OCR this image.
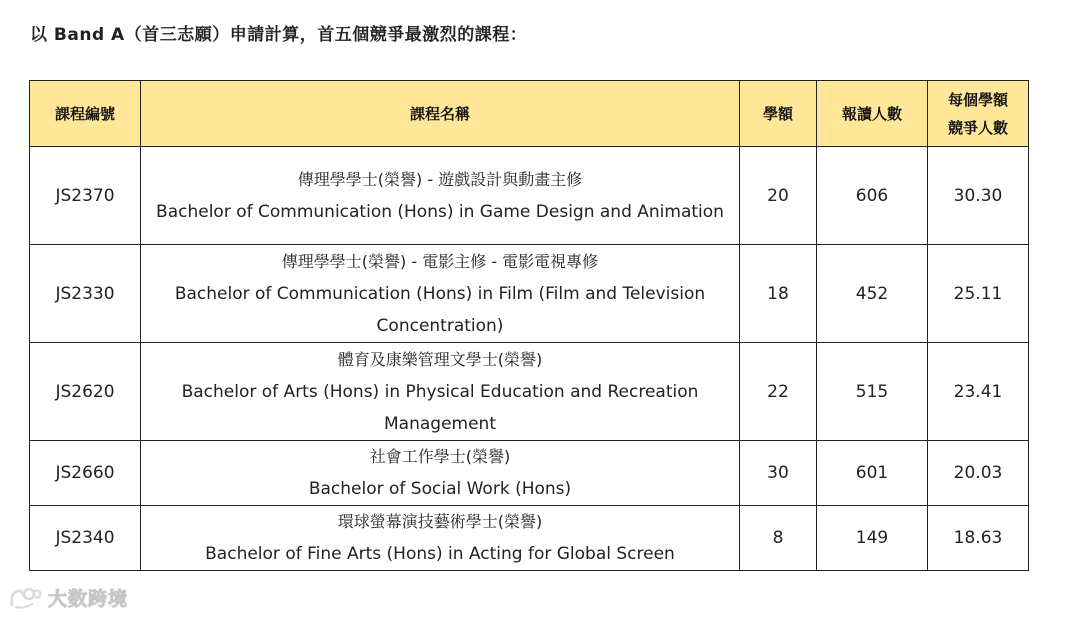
以 Band A（首三志願）申請計算，首五個競爭最激烈的課程：
課程編號	課程名稱	學額	報讀人數	每個學額
競爭人數

JS2370	傳理學學士(榮譽) - 遊戲設計與動畫主修
Bachelor of Communication (Hons) in Game Design and Animation	20	606	30.30
JS2330	傳理學學士(榮譽) - 電影主修 - 電影電視專修
Bachelor of Communication (Hons) in Film (Film and Television Concentration)	18	452	25.11
JS2620	體育及康樂管理文學士(榮譽)
Bachelor of Arts (Hons) in Physical Education and Recreation Management	22	515	23.41
JS2660	社會工作學士(榮譽)
Bachelor of Social Work (Hons)	30	601	20.03
JS2340	環球螢幕演技藝術學士(榮譽)
Bachelor of Fine Arts (Hons) in Acting for Global Screen	8	149	18.63
大数跨境
